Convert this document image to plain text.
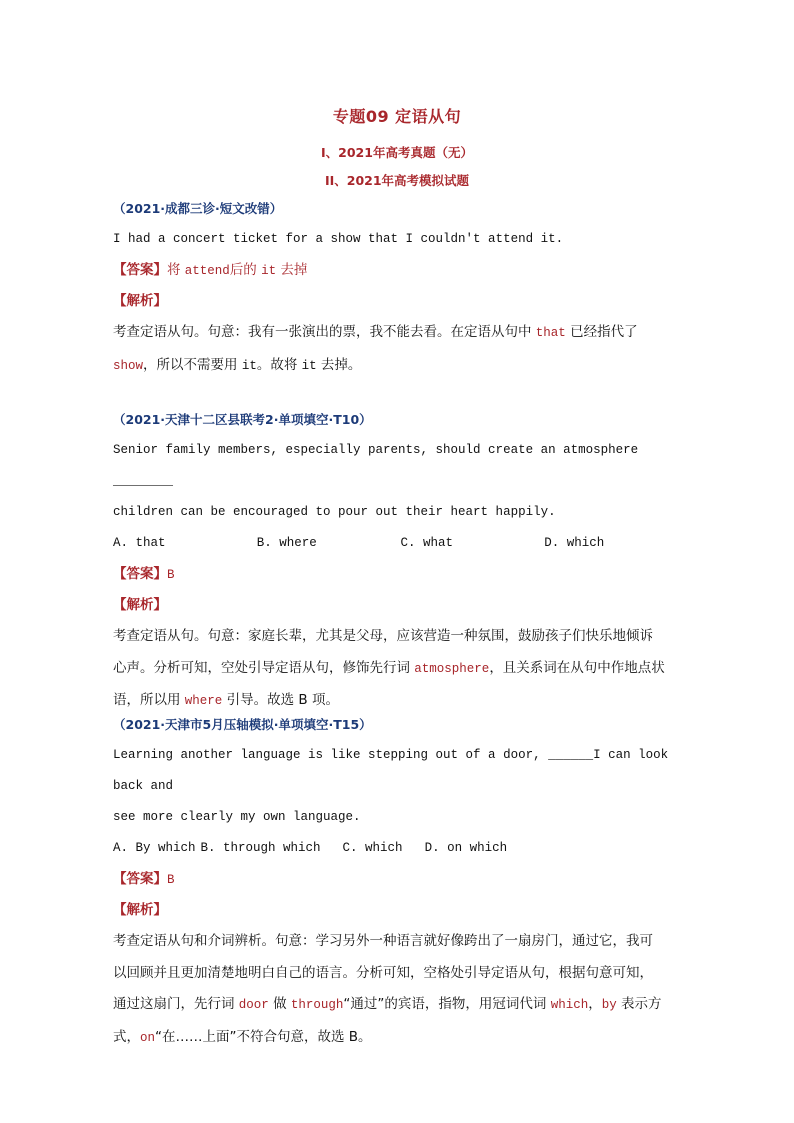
专题09 定语从句
I、2021年高考真题（无）
II、2021年高考模拟试题
（2021·成都三诊·短文改错）
I had a concert ticket for a show that I couldn't attend it.
【答案】将 attend后的 it 去掉
【解析】

考查定语从句。句意：我有一张演出的票，我不能去看。在定语从句中 that 已经指代了
show，所以不需要用 it。故将 it 去掉。

（2021·天津十二区县联考2·单项填空·T10）
Senior family members, especially parents, should create an atmosphere ________
children can be encouraged to pour out their heart happily.
A. that	B. where	C. what	D. which
【答案】B
【解析】

考查定语从句。句意：家庭长辈，尤其是父母，应该营造一种氛围，鼓励孩子们快乐地倾诉
心声。分析可知，空处引导定语从句，修饰先行词 atmosphere，且关系词在从句中作地点状
语，所以用 where 引导。故选 B 项。

（2021·天津市5月压轴模拟·单项填空·T15）
Learning another language is like stepping out of a door, ______I can look back and
see more clearly my own language.
A. By which B. through which C. which D. on which
【答案】B
【解析】

考查定语从句和介词辨析。句意：学习另外一种语言就好像跨出了一扇房门，通过它，我可
以回顾并且更加清楚地明白自己的语言。分析可知，空格处引导定语从句，根据句意可知，
通过这扇门，先行词 door 做 through“通过”的宾语，指物，用冠词代词 which，by 表示方
式，on“在……上面”不符合句意，故选 B。
